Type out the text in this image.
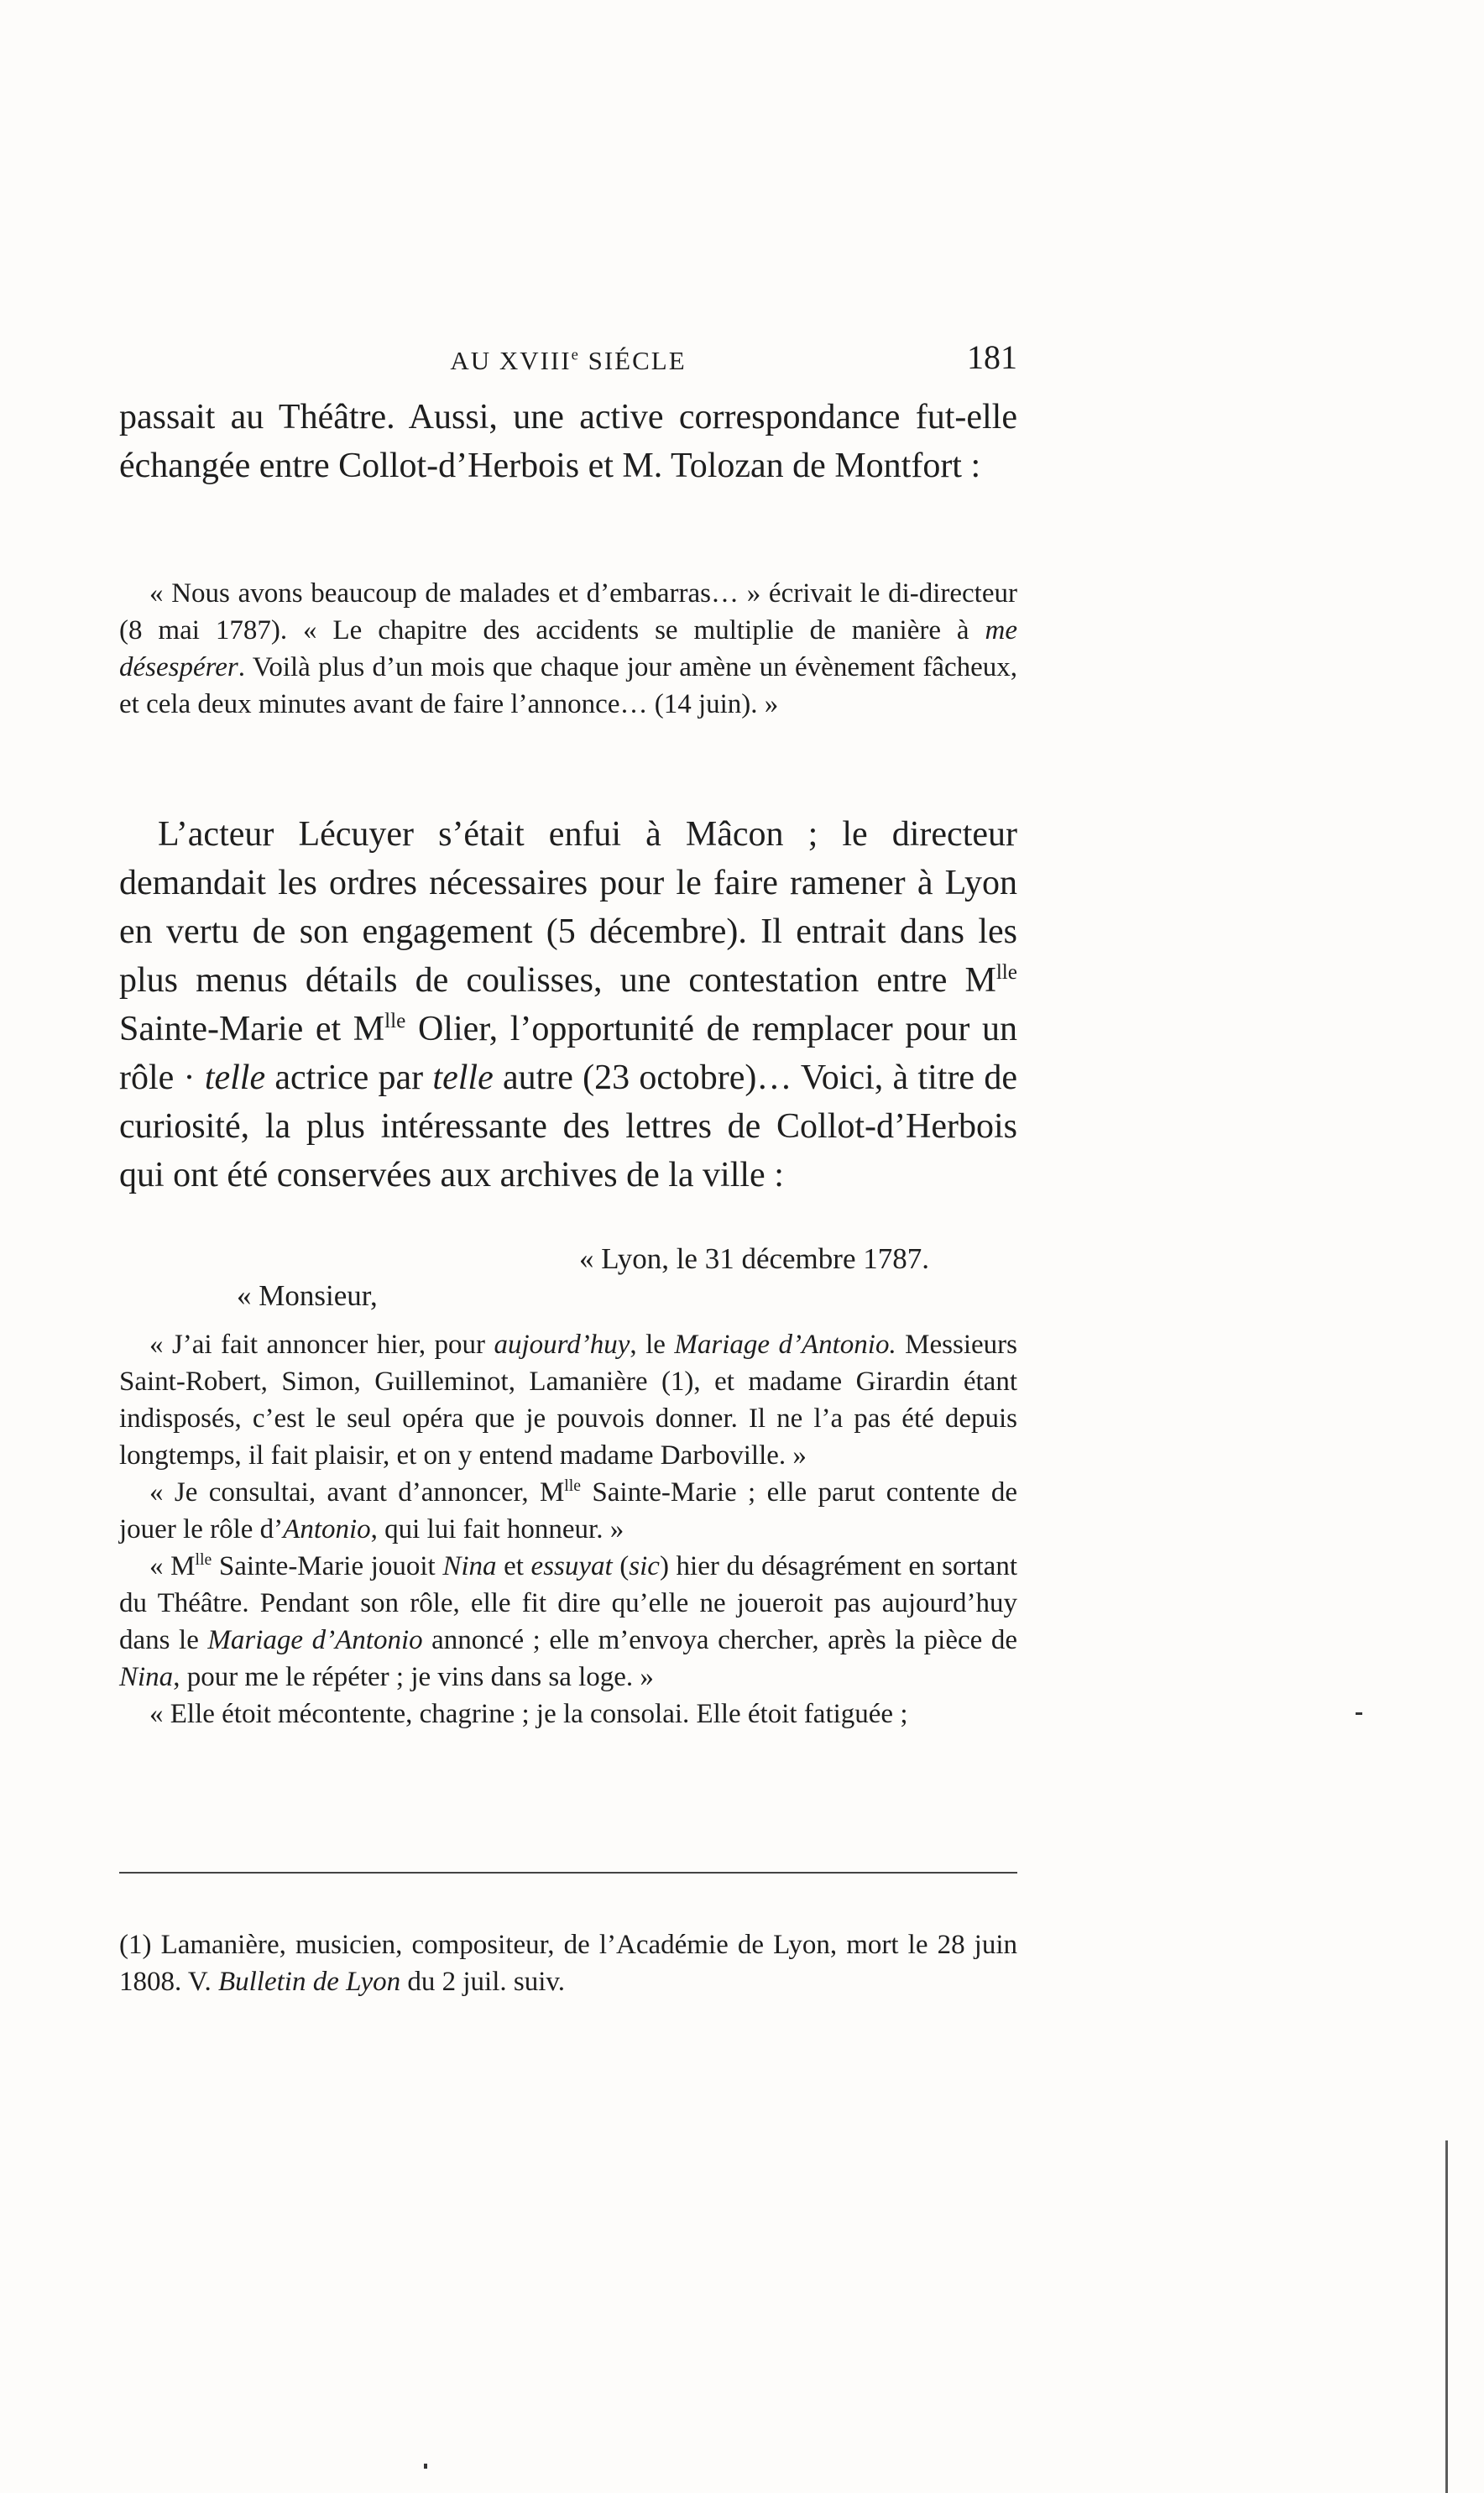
AU XVIIIe SIÉCLE	181

passait au Théâtre. Aussi, une active correspondance fut-elle échangée entre Collot-d’Herbois et M. Tolozan de Montfort :

« Nous avons beaucoup de malades et d’embarras… » écrivait le di-directeur (8 mai 1787). « Le chapitre des accidents se multiplie de manière à me désespérer. Voilà plus d’un mois que chaque jour amène un évènement fâcheux, et cela deux minutes avant de faire l’annonce… (14 juin). »

L’acteur Lécuyer s’était enfui à Mâcon ; le directeur demandait les ordres nécessaires pour le faire ramener à Lyon en vertu de son engagement (5 décembre). Il entrait dans les plus menus détails de coulisses, une contestation entre $M^{lle}$ Sainte-Marie et $M^{lle}$ Olier, l’opportunité de remplacer pour un rôle · telle actrice par telle autre (23 octobre)… Voici, à titre de curiosité, la plus intéressante des lettres de Collot-d’Herbois qui ont été conservées aux archives de la ville :

« Lyon, le 31 décembre 1787.
« Monsieur,

« J’ai fait annoncer hier, pour aujourd’huy, le Mariage d’Antonio. Messieurs Saint-Robert, Simon, Guilleminot, Lamanière (1), et madame Girardin étant indisposés, c’est le seul opéra que je pouvois donner. Il ne l’a pas été depuis longtemps, il fait plaisir, et on y entend madame Darboville. »

« Je consultai, avant d’annoncer, $M^{lle}$ Sainte-Marie ; elle parut contente de jouer le rôle d’Antonio, qui lui fait honneur. »

« $M^{lle}$ Sainte-Marie jouoit Nina et essuyat (sic) hier du désagrément en sortant du Théâtre. Pendant son rôle, elle fit dire qu’elle ne joueroit pas aujourd’huy dans le Mariage d’Antonio annoncé ; elle m’envoya chercher, après la pièce de Nina, pour me le répéter ; je vins dans sa loge. »

« Elle étoit mécontente, chagrine ; je la consolai. Elle étoit fatiguée ;

(1) Lamanière, musicien, compositeur, de l’Académie de Lyon, mort le 28 juin 1808. V. Bulletin de Lyon du 2 juil. suiv.
